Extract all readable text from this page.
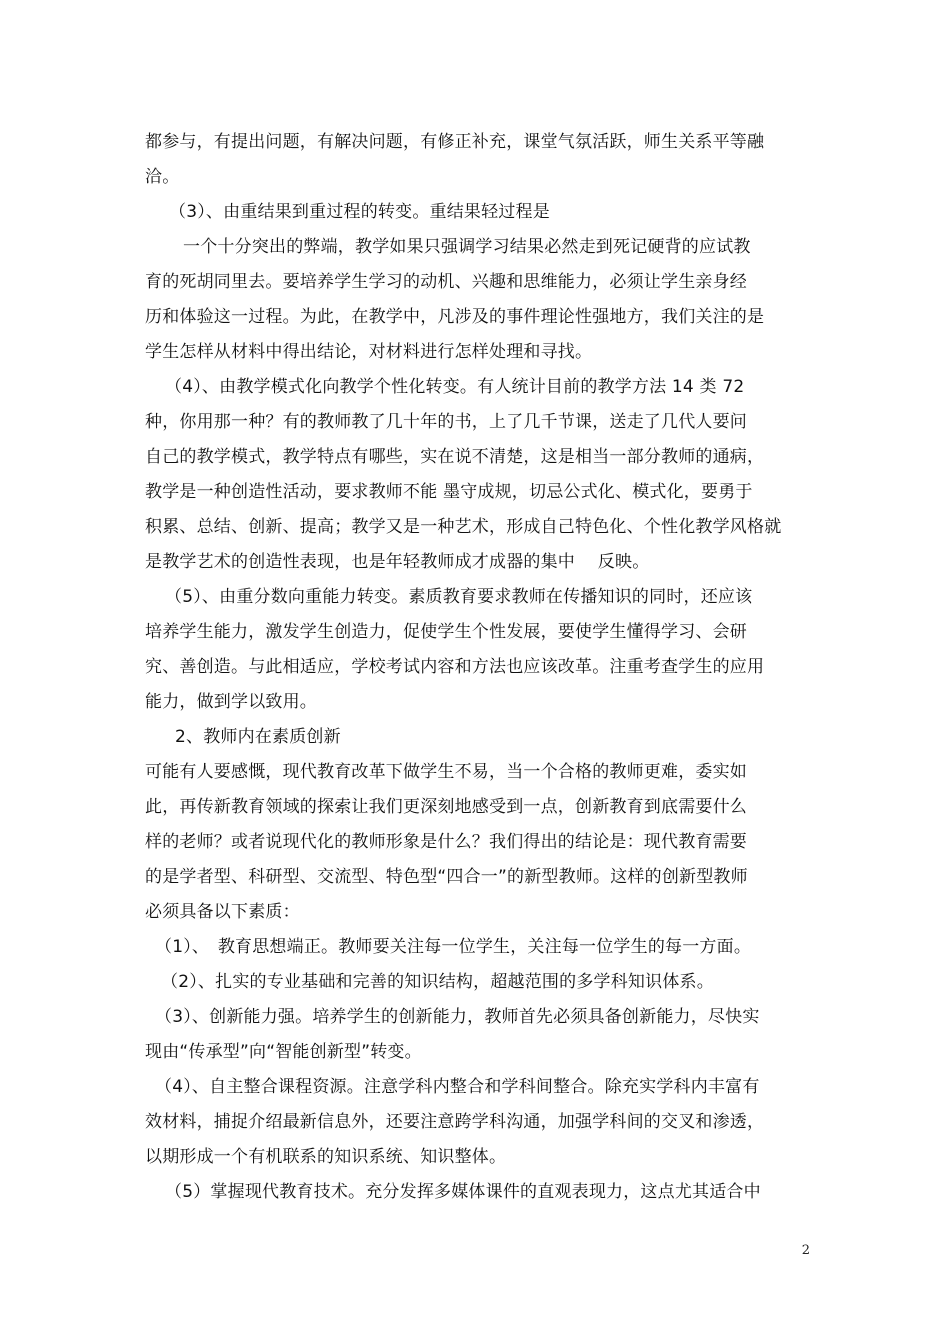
都参与，有提出问题，有解决问题，有修正补充，课堂气氛活跃，师生关系平等融
洽。
（3）、由重结果到重过程的转变。重结果轻过程是
一个十分突出的弊端，教学如果只强调学习结果必然走到死记硬背的应试教
育的死胡同里去。要培养学生学习的动机、兴趣和思维能力，必须让学生亲身经
历和体验这一过程。为此，在教学中，凡涉及的事件理论性强地方，我们关注的是
学生怎样从材料中得出结论，对材料进行怎样处理和寻找。
（4）、由教学模式化向教学个性化转变。有人统计目前的教学方法 14 类 72
种，你用那一种？有的教师教了几十年的书，上了几千节课，送走了几代人要问
自己的教学模式，教学特点有哪些，实在说不清楚，这是相当一部分教师的通病，
教学是一种创造性活动，要求教师不能 墨守成规，切忌公式化、模式化，要勇于
积累、总结、创新、提高；教学又是一种艺术，形成自己特色化、个性化教学风格就
是教学艺术的创造性表现，也是年轻教师成才成器的集中　 反映。
（5）、由重分数向重能力转变。素质教育要求教师在传播知识的同时，还应该
培养学生能力，激发学生创造力，促使学生个性发展，要使学生懂得学习、会研
究、善创造。与此相适应，学校考试内容和方法也应该改革。注重考查学生的应用
能力，做到学以致用。
2、教师内在素质创新
可能有人要感慨，现代教育改革下做学生不易，当一个合格的教师更难，委实如
此，再传新教育领域的探索让我们更深刻地感受到一点，创新教育到底需要什么
样的老师？或者说现代化的教师形象是什么？我们得出的结论是：现代教育需要
的是学者型、科研型、交流型、特色型“四合一”的新型教师。这样的创新型教师
必须具备以下素质：
（1）、　教育思想端正。教师要关注每一位学生，关注每一位学生的每一方面。
（2）、扎实的专业基础和完善的知识结构，超越范围的多学科知识体系。
（3）、创新能力强。培养学生的创新能力，教师首先必须具备创新能力，尽快实
现由“传承型”向“智能创新型”转变。
（4）、自主整合课程资源。注意学科内整合和学科间整合。除充实学科内丰富有
效材料，捕捉介绍最新信息外，还要注意跨学科沟通，加强学科间的交叉和渗透，
以期形成一个有机联系的知识系统、知识整体。
（5）掌握现代教育技术。充分发挥多媒体课件的直观表现力，这点尤其适合中
2
